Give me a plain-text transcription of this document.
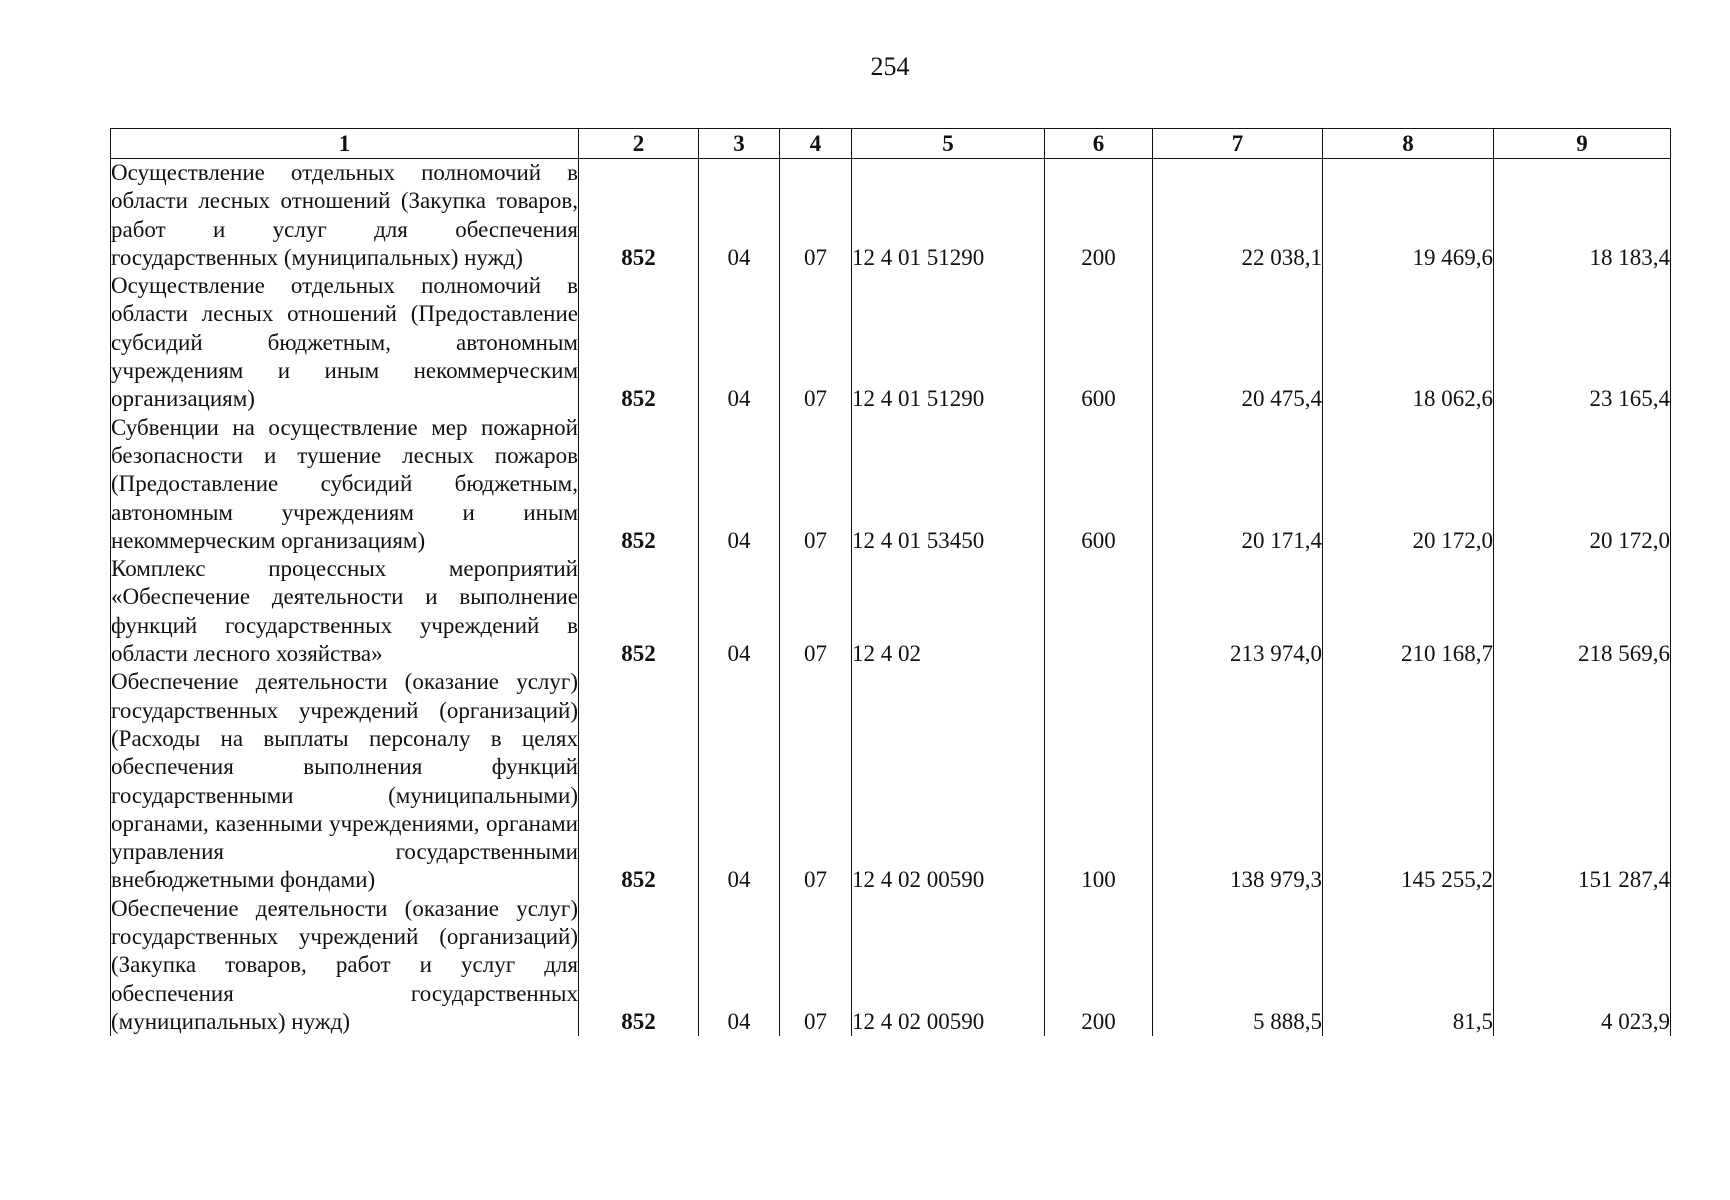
254
1	2	3	4	5	6	7	8	9

Осуществление отдельных полномочий в области лесных отношений (Закупка товаров, работ и услуг для обеспечения государственных (муниципальных) нужд)	852	04	07	12 4 01 51290	200	22 038,1	19 469,6	18 183,4

Осуществление отдельных полномочий в области лесных отношений (Предоставление субсидий бюджетным, автономным учреждениям и иным некоммерческим организациям)	852	04	07	12 4 01 51290	600	20 475,4	18 062,6	23 165,4

Субвенции на осуществление мер пожарной безопасности и тушение лесных пожаров (Предоставление субсидий бюджетным, автономным учреждениям и иным некоммерческим организациям)	852	04	07	12 4 01 53450	600	20 171,4	20 172,0	20 172,0

Комплекс процессных мероприятий «Обеспечение деятельности и выполнение функций государственных учреждений в области лесного хозяйства»	852	04	07	12 4 02		213 974,0	210 168,7	218 569,6

Обеспечение деятельности (оказание услуг) государственных учреждений (организаций) (Расходы на выплаты персоналу в целях обеспечения выполнения функций государственными (муниципальными) органами, казенными учреждениями, органами управления государственными внебюджетными фондами)	852	04	07	12 4 02 00590	100	138 979,3	145 255,2	151 287,4

Обеспечение деятельности (оказание услуг) государственных учреждений (организаций) (Закупка товаров, работ и услуг для обеспечения государственных (муниципальных) нужд)	852	04	07	12 4 02 00590	200	5 888,5	81,5	4 023,9
